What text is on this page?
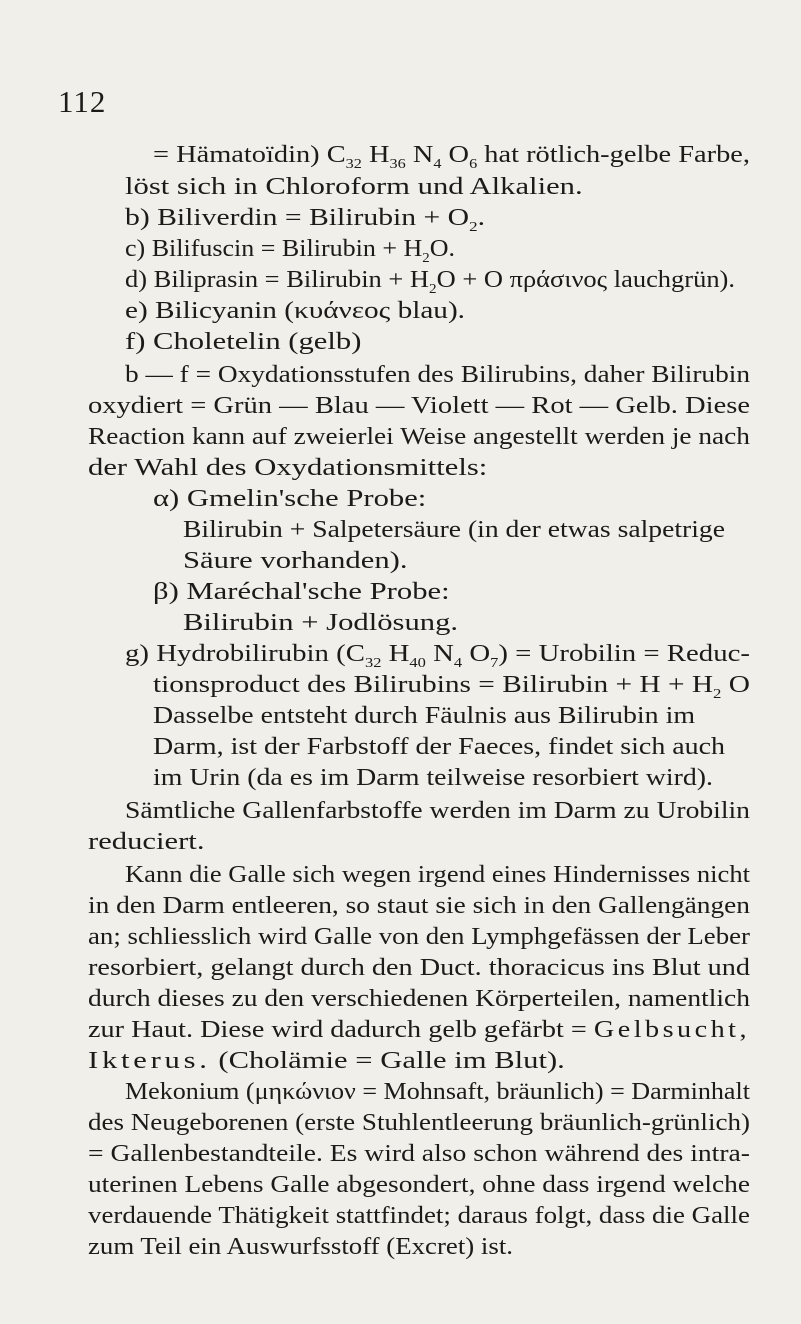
112
= Hämatoïdin) $C_{32}$ $H_{36}$ $N_4$ $O_6$ hat rötlich-gelbe Farbe,
löst sich in Chloroform und Alkalien.
b) Biliverdin = Bilirubin + $O_2$.
c) Bilifuscin = Bilirubin + $H_2O$.
d) Biliprasin = Bilirubin + $H_2O + O$ πράσινος lauchgrün).
e) Bilicyanin (κυάνεος blau).
f) Choletelin (gelb)
b — f = Oxydationsstufen des Bilirubins, daher Bilirubin
oxydiert = Grün — Blau — Violett — Rot — Gelb. Diese
Reaction kann auf zweierlei Weise angestellt werden je nach
der Wahl des Oxydationsmittels:
α) Gmelin'sche Probe:
Bilirubin + Salpetersäure (in der etwas salpetrige
Säure vorhanden).
β) Maréchal'sche Probe:
Bilirubin + Jodlösung.
g) Hydrobilirubin ($C_{32}$ $H_{40}$ $N_4$ $O_7$) = Urobilin = Reduc-
tionsproduct des Bilirubins = Bilirubin + $H + H_2$ O
Dasselbe entsteht durch Fäulnis aus Bilirubin im
Darm, ist der Farbstoff der Faeces, findet sich auch
im Urin (da es im Darm teilweise resorbiert wird).
Sämtliche Gallenfarbstoffe werden im Darm zu Urobilin
reduciert.
Kann die Galle sich wegen irgend eines Hindernisses nicht
in den Darm entleeren, so staut sie sich in den Gallengängen
an; schliesslich wird Galle von den Lymphgefässen der Leber
resorbiert, gelangt durch den Duct. thoracicus ins Blut und
durch dieses zu den verschiedenen Körperteilen, namentlich
zur Haut. Diese wird dadurch gelb gefärbt = Gelbsucht,
Ikterus. (Cholämie = Galle im Blut).
Mekonium (μηκώνιον = Mohnsaft, bräunlich) = Darminhalt
des Neugeborenen (erste Stuhlentleerung bräunlich-grünlich)
= Gallenbestandteile. Es wird also schon während des intra-
uterinen Lebens Galle abgesondert, ohne dass irgend welche
verdauende Thätigkeit stattfindet; daraus folgt, dass die Galle
zum Teil ein Auswurfsstoff (Excret) ist.
